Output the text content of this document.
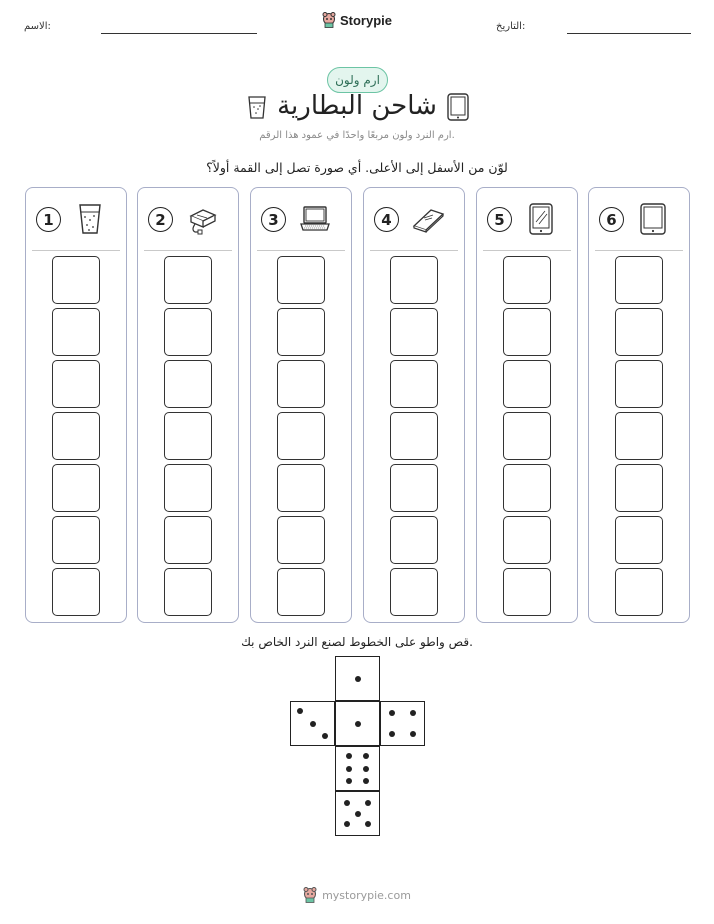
الاسم:	Storypie	التاريخ:
ارم ولون
شاحن البطارية
ارم النرد ولون مربعًا واحدًا في عمود هذا الرقم.
لوّن من الأسفل إلى الأعلى. أي صورة تصل إلى القمة أولاً؟
1	2	3	4	5	6
قص واطو على الخطوط لصنع النرد الخاص بك.
mystorypie.com
